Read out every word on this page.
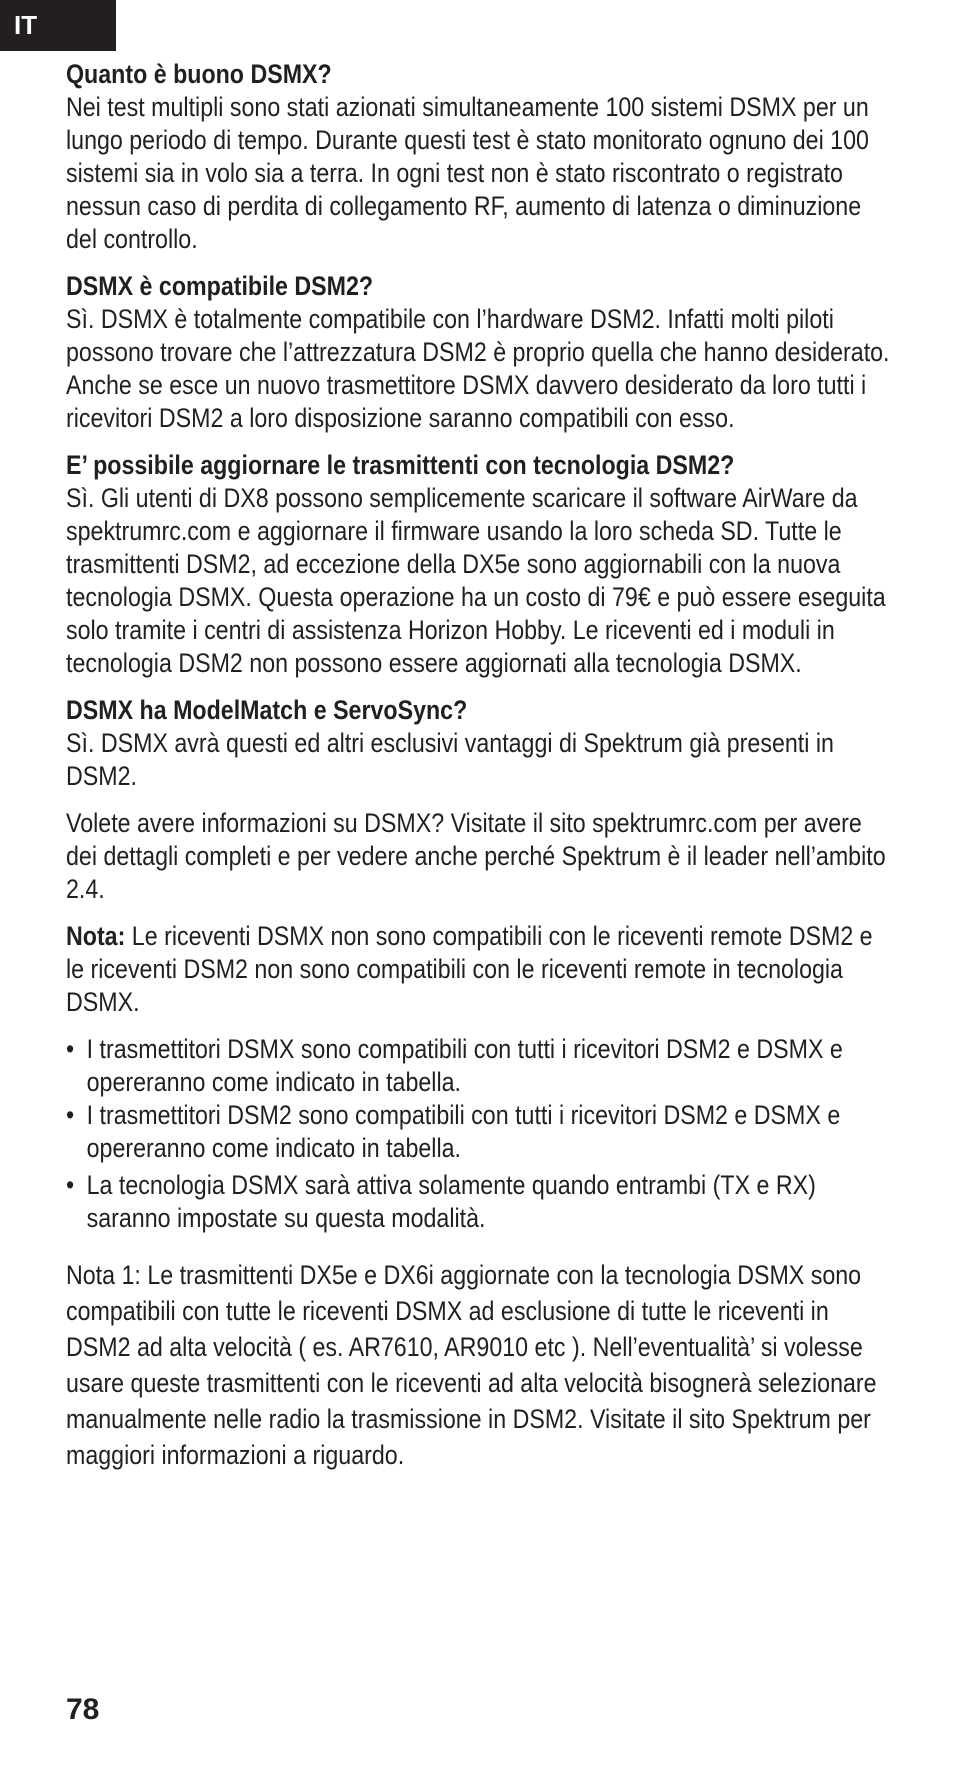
IT

Quanto è buono DSMX?

Nei test multipli sono stati azionati simultaneamente 100 sistemi DSMX per un lungo periodo di tempo. Durante questi test è stato monitorato ognuno dei 100 sistemi sia in volo sia a terra. In ogni test non è stato riscontrato o registrato nessun caso di perdita di collegamento RF, aumento di latenza o diminuzione del controllo.

DSMX è compatibile DSM2?

Sì. DSMX è totalmente compatibile con l’hardware DSM2. Infatti molti piloti possono trovare che l’attrezzatura DSM2 è proprio quella che hanno desiderato. Anche se esce un nuovo trasmettitore DSMX davvero desiderato da loro tutti i ricevitori DSM2 a loro disposizione saranno compatibili con esso.

E’ possibile aggiornare le trasmittenti con tecnologia DSM2?

Sì. Gli utenti di DX8 possono semplicemente scaricare il software AirWare da spektrumrc.com e aggiornare il firmware usando la loro scheda SD. Tutte le trasmittenti DSM2, ad eccezione della DX5e sono aggiornabili con la nuova tecnologia DSMX. Questa operazione ha un costo di 79€ e può essere eseguita solo tramite i centri di assistenza Horizon Hobby. Le riceventi ed i moduli in tecnologia DSM2 non possono essere aggiornati alla tecnologia DSMX.

DSMX ha ModelMatch e ServoSync?

Sì. DSMX avrà questi ed altri esclusivi vantaggi di Spektrum già presenti in DSM2.

Volete avere informazioni su DSMX? Visitate il sito spektrumrc.com per avere dei dettagli completi e per vedere anche perché Spektrum è il leader nell’ambito 2.4.

Nota: Le riceventi DSMX non sono compatibili con le riceventi remote DSM2 e le riceventi DSM2 non sono compatibili con le riceventi remote in tecnologia DSMX.

• I trasmettitori DSMX sono compatibili con tutti i ricevitori DSM2 e DSMX e opereranno come indicato in tabella.
• I trasmettitori DSM2 sono compatibili con tutti i ricevitori DSM2 e DSMX e opereranno come indicato in tabella.
• La tecnologia DSMX sarà attiva solamente quando entrambi (TX e RX) saranno impostate su questa modalità.

Nota 1: Le trasmittenti DX5e e DX6i aggiornate con la tecnologia DSMX sono compatibili con tutte le riceventi DSMX ad esclusione di tutte le riceventi in DSM2 ad alta velocità ( es. AR7610, AR9010 etc ). Nell’eventualità’ si volesse usare queste trasmittenti con le riceventi ad alta velocità bisognerà selezionare manualmente nelle radio la trasmissione in DSM2. Visitate il sito Spektrum per maggiori informazioni a riguardo.

78
